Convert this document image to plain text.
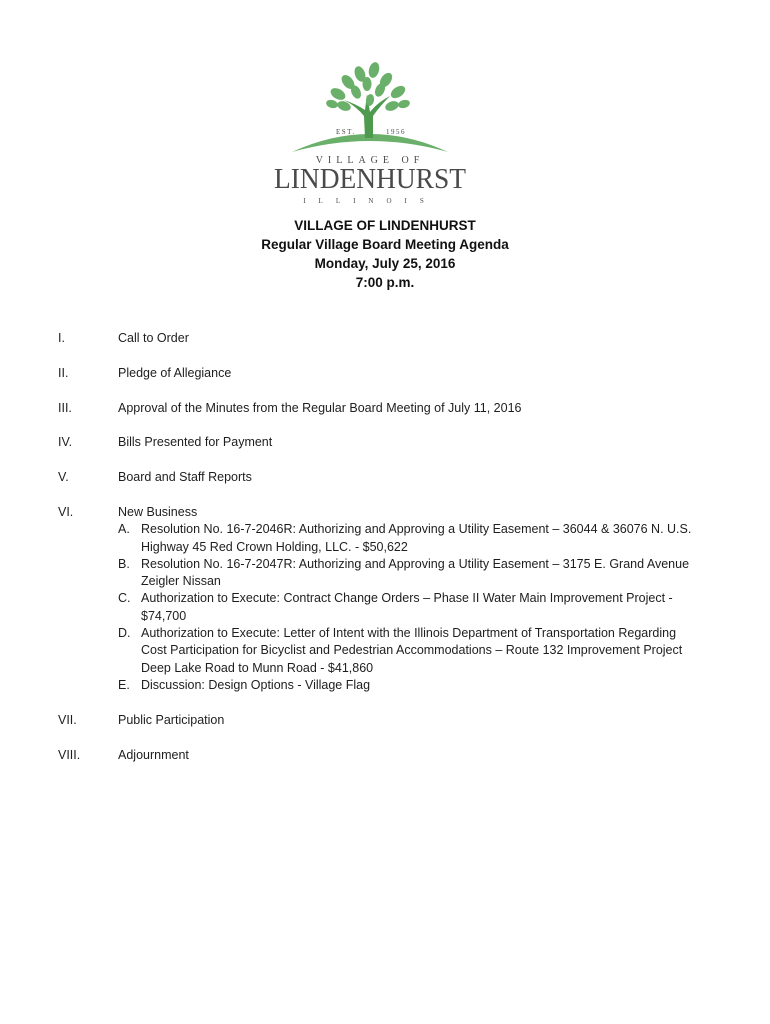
EST.	1956
VILLAGE OF
LINDENHURST
ILLINOIS
VILLAGE OF LINDENHURST
Regular Village Board Meeting Agenda
Monday, July 25, 2016
7:00 p.m.
I.	Call to Order
II.	Pledge of Allegiance
III.	Approval of the Minutes from the Regular Board Meeting of July 11, 2016
IV.	Bills Presented for Payment
V.	Board and Staff Reports
VI.	New Business
A. Resolution No. 16-7-2046R: Authorizing and Approving a Utility Easement – 36044 & 36076 N. U.S. Highway 45 Red Crown Holding, LLC. - $50,622
B. Resolution No. 16-7-2047R: Authorizing and Approving a Utility Easement – 3175 E. Grand Avenue Zeigler Nissan
C. Authorization to Execute: Contract Change Orders – Phase II Water Main Improvement Project - $74,700
D. Authorization to Execute: Letter of Intent with the Illinois Department of Transportation Regarding Cost Participation for Bicyclist and Pedestrian Accommodations – Route 132 Improvement Project Deep Lake Road to Munn Road - $41,860
E. Discussion: Design Options - Village Flag
VII.	Public Participation
VIII.	Adjournment
